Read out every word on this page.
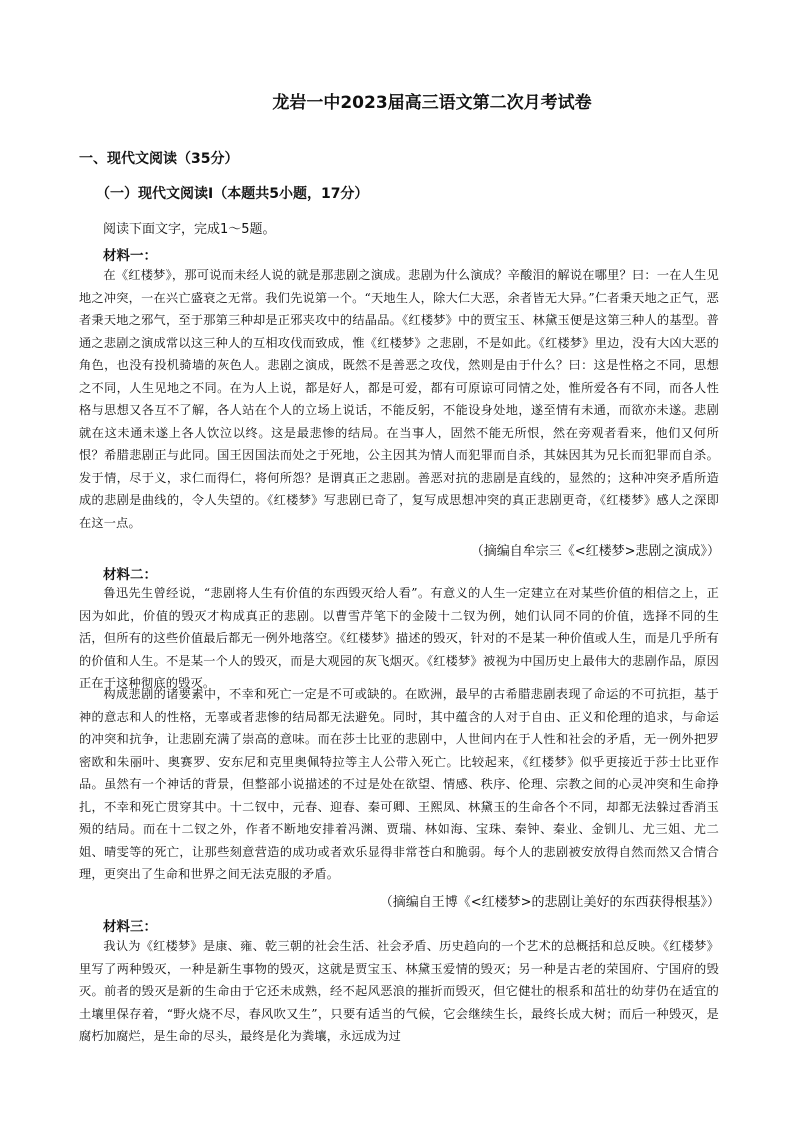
龙岩一中2023届高三语文第二次月考试卷
一、现代文阅读（35分）
（一）现代文阅读Ⅰ（本题共5小题，17分）
阅读下面文字，完成1～5题。
材料一：
在《红楼梦》，那可说而未经人说的就是那悲剧之演成。悲剧为什么演成？辛酸泪的解说在哪里？曰：一在人生见地之冲突，一在兴亡盛衰之无常。我们先说第一个。“天地生人，除大仁大恶，余者皆无大异。”仁者秉天地之正气，恶者秉天地之邪气，至于那第三种却是正邪夹攻中的结晶品。《红楼梦》中的贾宝玉、林黛玉便是这第三种人的基型。普通之悲剧之演成常以这三种人的互相攻伐而致成，惟《红楼梦》之悲剧，不是如此。《红楼梦》里边，没有大凶大恶的角色，也没有投机骑墙的灰色人。悲剧之演成，既然不是善恶之攻伐，然则是由于什么？曰：这是性格之不同，思想之不同，人生见地之不同。在为人上说，都是好人，都是可爱，都有可原谅可同情之处，惟所爱各有不同，而各人性格与思想又各互不了解，各人站在个人的立场上说话，不能反躬，不能设身处地，遂至情有未通，而欲亦未遂。悲剧就在这未通未遂上各人饮泣以终。这是最悲惨的结局。在当事人，固然不能无所恨，然在旁观者看来，他们又何所恨？希腊悲剧正与此同。国王因国法而处之于死地，公主因其为情人而犯罪而自杀，其妹因其为兄长而犯罪而自杀。发于情，尽于义，求仁而得仁，将何所怨？是谓真正之悲剧。善恶对抗的悲剧是直线的，显然的；这种冲突矛盾所造成的悲剧是曲线的，令人失望的。《红楼梦》写悲剧已奇了，复写成思想冲突的真正悲剧更奇，《红楼梦》感人之深即在这一点。
（摘编自牟宗三《<红楼梦>悲剧之演成》）
材料二：
鲁迅先生曾经说，“悲剧将人生有价值的东西毁灭给人看”。有意义的人生一定建立在对某些价值的相信之上，正因为如此，价值的毁灭才构成真正的悲剧。以曹雪芹笔下的金陵十二钗为例，她们认同不同的价值，选择不同的生活，但所有的这些价值最后都无一例外地落空。《红楼梦》描述的毁灭，针对的不是某一种价值或人生，而是几乎所有的价值和人生。不是某一个人的毁灭，而是大观园的灰飞烟灭。《红楼梦》被视为中国历史上最伟大的悲剧作品，原因正在于这种彻底的毁灭。
构成悲剧的诸要素中，不幸和死亡一定是不可或缺的。在欧洲，最早的古希腊悲剧表现了命运的不可抗拒，基于神的意志和人的性格，无辜或者悲惨的结局都无法避免。同时，其中蕴含的人对于自由、正义和伦理的追求，与命运的冲突和抗争，让悲剧充满了崇高的意味。而在莎士比亚的悲剧中，人世间内在于人性和社会的矛盾，无一例外把罗密欧和朱丽叶、奥赛罗、安东尼和克里奥佩特拉等主人公带入死亡。比较起来，《红楼梦》似乎更接近于莎士比亚作品。虽然有一个神话的背景，但整部小说描述的不过是处在欲望、情感、秩序、伦理、宗教之间的心灵冲突和生命挣扎，不幸和死亡贯穿其中。十二钗中，元春、迎春、秦可卿、王熙凤、林黛玉的生命各个不同，却都无法躲过香消玉殒的结局。而在十二钗之外，作者不断地安排着冯渊、贾瑞、林如海、宝珠、秦钟、秦业、金钏儿、尤三姐、尤二姐、晴雯等的死亡，让那些刻意营造的成功或者欢乐显得非常苍白和脆弱。每个人的悲剧被安放得自然而然又合情合理，更突出了生命和世界之间无法克服的矛盾。
（摘编自王博《<红楼梦>的悲剧让美好的东西获得根基》）
材料三：
我认为《红楼梦》是康、雍、乾三朝的社会生活、社会矛盾、历史趋向的一个艺术的总概括和总反映。《红楼梦》里写了两种毁灭，一种是新生事物的毁灭，这就是贾宝玉、林黛玉爱情的毁灭；另一种是古老的荣国府、宁国府的毁灭。前者的毁灭是新的生命由于它还未成熟，经不起风恶浪的摧折而毁灭，但它健壮的根系和茁壮的幼芽仍在适宜的土壤里保存着，“野火烧不尽，春风吹又生”，只要有适当的气候，它会继续生长，最终长成大树；而后一种毁灭，是腐朽加腐烂，是生命的尽头，最终是化为粪壤，永远成为过
